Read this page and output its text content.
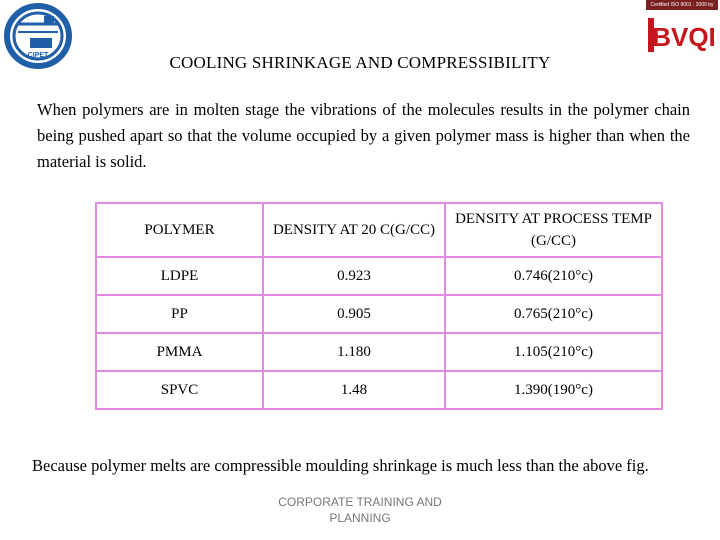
CIPET
Certified ISO 9001 : 2000 by
BVQI
COOLING SHRINKAGE AND COMPRESSIBILITY
When polymers are in molten stage the vibrations of the molecules results in the polymer chain being pushed apart so that the volume occupied by a given polymer mass is higher than when the material is solid.
POLYMER	DENSITY AT 20 C(G/CC)	DENSITY AT PROCESS TEMP (G/CC)
LDPE	0.923	0.746(210°c)
PP	0.905	0.765(210°c)
PMMA	1.180	1.105(210°c)
SPVC	1.48	1.390(190°c)
Because polymer melts are compressible moulding shrinkage is much less than the above fig.
CORPORATE TRAINING AND PLANNING
